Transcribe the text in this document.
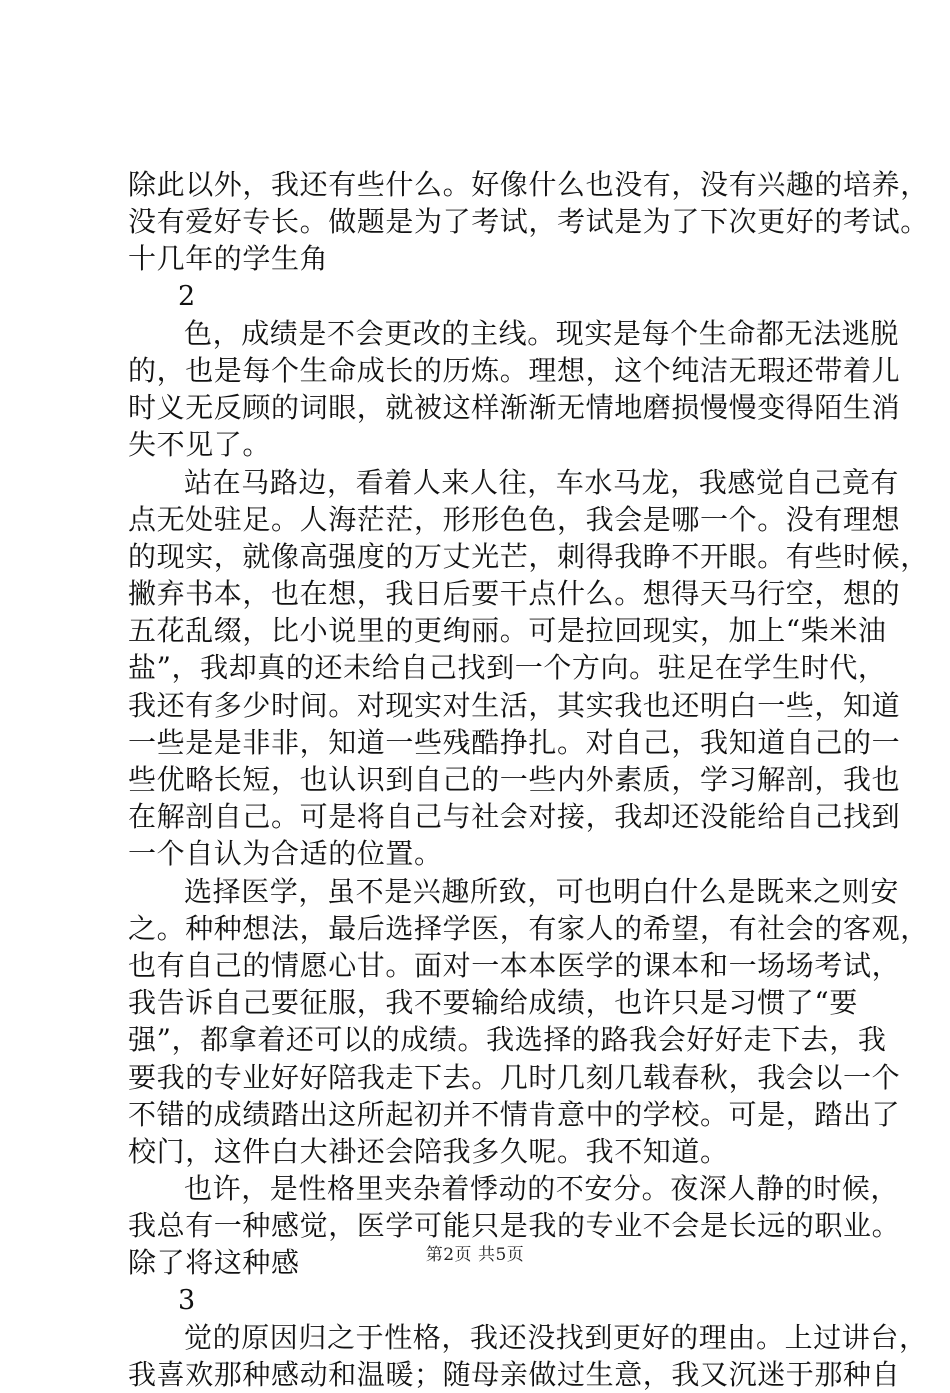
除此以外，我还有些什么。好像什么也没有，没有兴趣的培养，
没有爱好专长。做题是为了考试，考试是为了下次更好的考试。
十几年的学生角
2
色，成绩是不会更改的主线。现实是每个生命都无法逃脱
的，也是每个生命成长的历炼。理想，这个纯洁无瑕还带着儿
时义无反顾的词眼，就被这样渐渐无情地磨损慢慢变得陌生消
失不见了。
站在马路边，看着人来人往，车水马龙，我感觉自己竟有
点无处驻足。人海茫茫，形形色色，我会是哪一个。没有理想
的现实，就像高强度的万丈光芒，刺得我睁不开眼。有些时候，
撇弃书本，也在想，我日后要干点什么。想得天马行空，想的
五花乱缀，比小说里的更绚丽。可是拉回现实，加上“柴米油
盐”，我却真的还未给自己找到一个方向。驻足在学生时代，
我还有多少时间。对现实对生活，其实我也还明白一些，知道
一些是是非非，知道一些残酷挣扎。对自己，我知道自己的一
些优略长短，也认识到自己的一些内外素质，学习解剖，我也
在解剖自己。可是将自己与社会对接，我却还没能给自己找到
一个自认为合适的位置。
选择医学，虽不是兴趣所致，可也明白什么是既来之则安
之。种种想法，最后选择学医，有家人的希望，有社会的客观，
也有自己的情愿心甘。面对一本本医学的课本和一场场考试，
我告诉自己要征服，我不要输给成绩，也许只是习惯了“要
强”，都拿着还可以的成绩。我选择的路我会好好走下去，我
要我的专业好好陪我走下去。几时几刻几载春秋，我会以一个
不错的成绩踏出这所起初并不情肯意中的学校。可是，踏出了
校门，这件白大褂还会陪我多久呢。我不知道。
也许，是性格里夹杂着悸动的不安分。夜深人静的时候，
我总有一种感觉，医学可能只是我的专业不会是长远的职业。
除了将这种感
3
觉的原因归之于性格，我还没找到更好的理由。上过讲台，
我喜欢那种感动和温暖；随母亲做过生意，我又沉迷于那种自
第2页 共5页
